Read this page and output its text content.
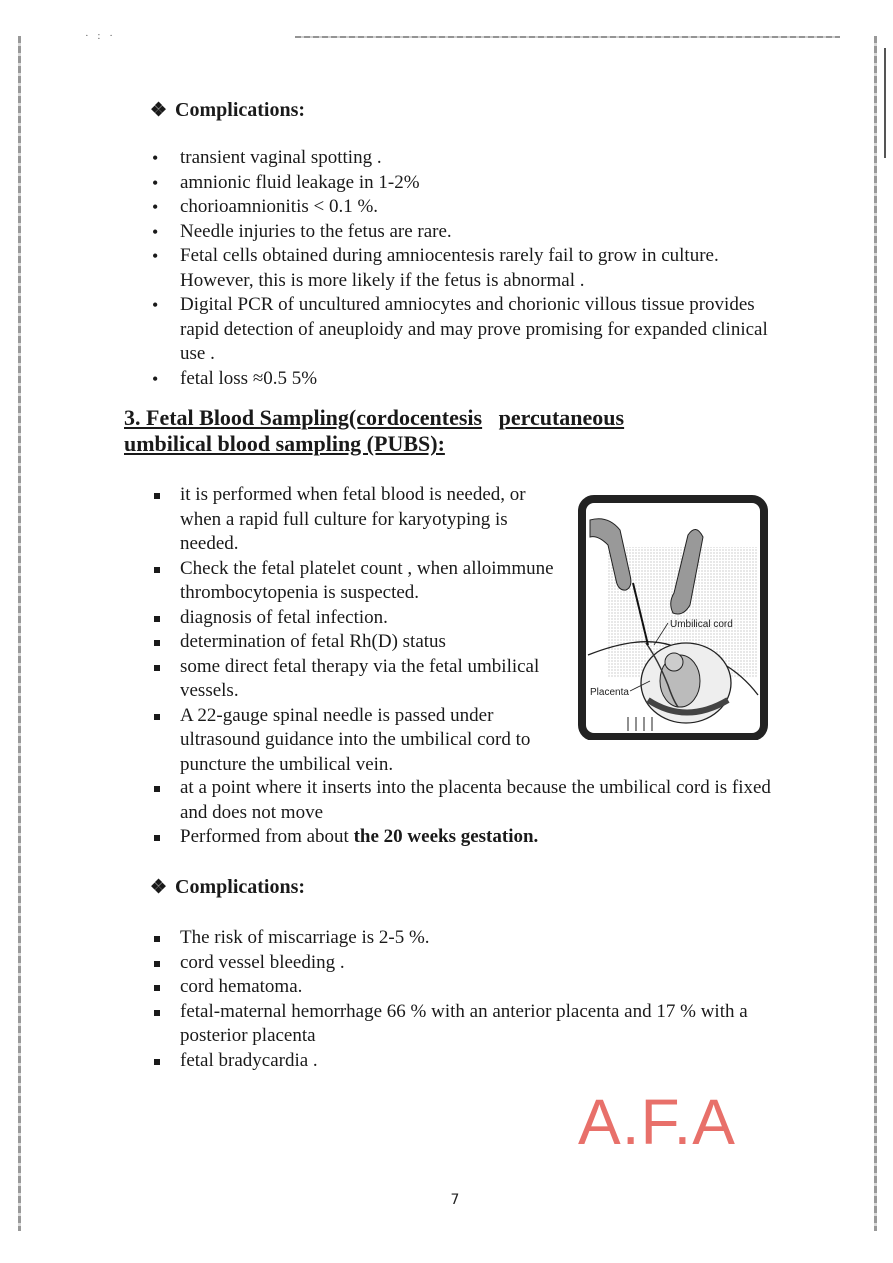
· : ·
❖ Complications:
• transient vaginal spotting .
• amnionic fluid leakage in 1-2%
• chorioamnionitis < 0.1 %.
• Needle injuries to the fetus are rare.
• Fetal cells obtained during amniocentesis rarely fail to grow in culture. However, this is more likely if the fetus is abnormal .
• Digital PCR of uncultured amniocytes and chorionic villous tissue provides rapid detection of aneuploidy and may prove promising for expanded clinical use .
• fetal loss ≈0.5 5%
3. Fetal Blood Sampling(cordocentesis percutaneous
umbilical blood sampling (PUBS):
it is performed when fetal blood is needed, or when a rapid full culture for karyotyping is needed.
Check the fetal platelet count , when alloimmune thrombocytopenia is suspected.
diagnosis of fetal infection.
determination of fetal Rh(D) status
some direct fetal therapy via the fetal umbilical vessels.
A 22-gauge spinal needle is passed under ultrasound guidance into the umbilical cord to puncture the umbilical vein.
at a point where it inserts into the placenta because the umbilical cord is fixed and does not move
Performed from about the 20 weeks gestation.
Umbilical cord
Placenta
❖ Complications:
The risk of miscarriage is 2-5 %.
cord vessel bleeding .
cord hematoma.
fetal-maternal hemorrhage 66 % with an anterior placenta and 17 % with a posterior placenta
fetal bradycardia .
A.F.A
7
